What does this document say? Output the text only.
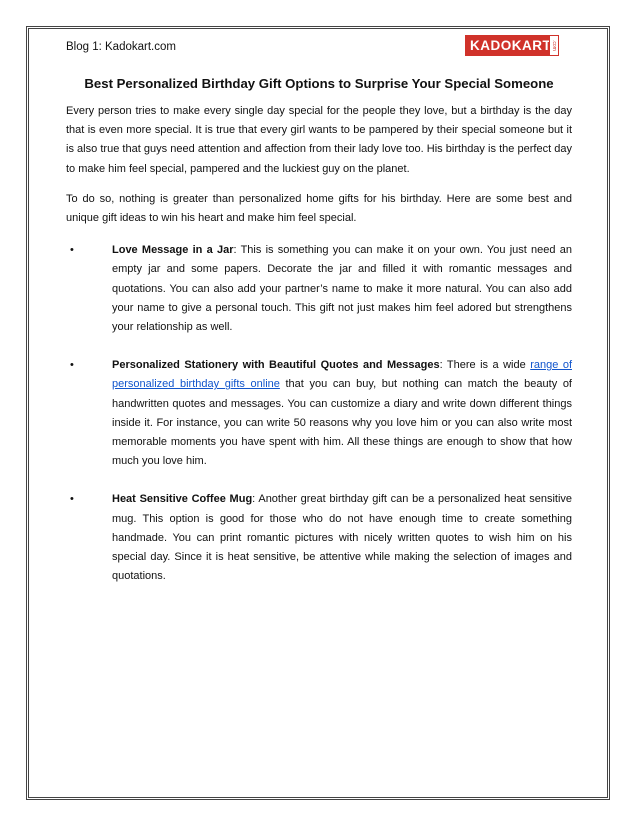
Blog 1: Kadokart.com	KADOKART .com
Best Personalized Birthday Gift Options to Surprise Your Special Someone

Every person tries to make every single day special for the people they love, but a birthday is the day that is even more special. It is true that every girl wants to be pampered by their special someone but it is also true that guys need attention and affection from their lady love too. His birthday is the perfect day to make him feel special, pampered and the luckiest guy on the planet.

To do so, nothing is greater than personalized home gifts for his birthday. Here are some best and unique gift ideas to win his heart and make him feel special.

•	Love Message in a Jar: This is something you can make it on your own. You just need an empty jar and some papers. Decorate the jar and filled it with romantic messages and quotations. You can also add your partner’s name to make it more natural. You can also add your name to give a personal touch. This gift not just makes him feel adored but strengthens your relationship as well.
•	Personalized Stationery with Beautiful Quotes and Messages: There is a wide range of personalized birthday gifts online that you can buy, but nothing can match the beauty of handwritten quotes and messages. You can customize a diary and write down different things inside it. For instance, you can write 50 reasons why you love him or you can also write most memorable moments you have spent with him. All these things are enough to show that how much you love him.
•	Heat Sensitive Coffee Mug: Another great birthday gift can be a personalized heat sensitive mug. This option is good for those who do not have enough time to create something handmade. You can print romantic pictures with nicely written quotes to wish him on his special day. Since it is heat sensitive, be attentive while making the selection of images and quotations.
